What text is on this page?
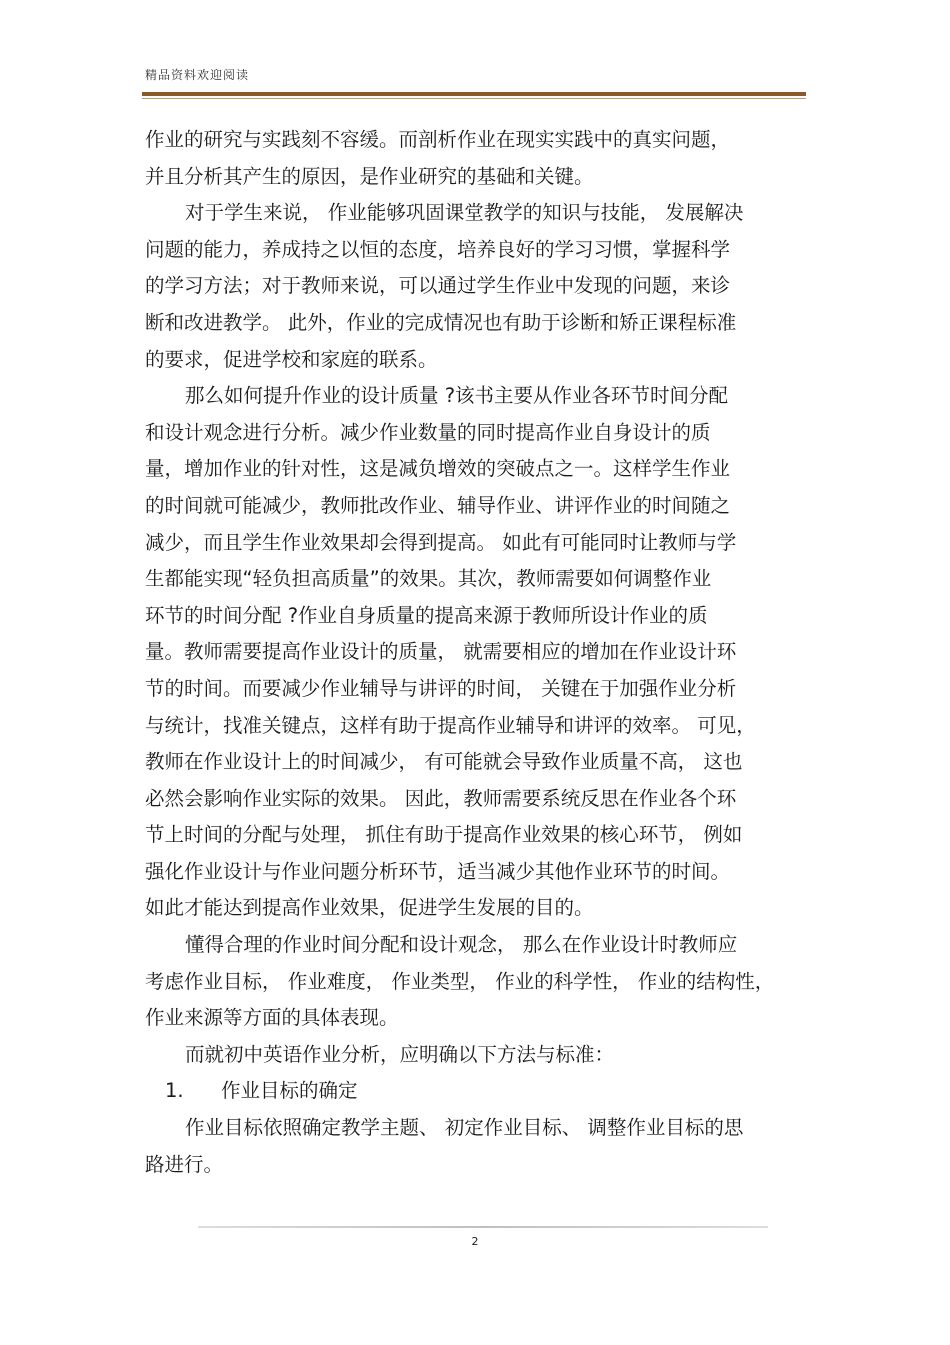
精品资料欢迎阅读
作业的研究与实践刻不容缓。而剖析作业在现实实践中的真实问题，
并且分析其产生的原因，是作业研究的基础和关键。
对于学生来说， 作业能够巩固课堂教学的知识与技能， 发展解决
问题的能力，养成持之以恒的态度，培养良好的学习习惯，掌握科学
的学习方法；对于教师来说，可以通过学生作业中发现的问题，来诊
断和改进教学。 此外，作业的完成情况也有助于诊断和矫正课程标准
的要求，促进学校和家庭的联系。
那么如何提升作业的设计质量 ?该书主要从作业各环节时间分配
和设计观念进行分析。减少作业数量的同时提高作业自身设计的质
量，增加作业的针对性，这是减负增效的突破点之一。这样学生作业
的时间就可能减少，教师批改作业、辅导作业、讲评作业的时间随之
减少，而且学生作业效果却会得到提高。 如此有可能同时让教师与学
生都能实现“轻负担高质量”的效果。其次，教师需要如何调整作业
环节的时间分配 ?作业自身质量的提高来源于教师所设计作业的质
量。教师需要提高作业设计的质量， 就需要相应的增加在作业设计环
节的时间。而要减少作业辅导与讲评的时间， 关键在于加强作业分析
与统计，找准关键点，这样有助于提高作业辅导和讲评的效率。 可见，
教师在作业设计上的时间减少， 有可能就会导致作业质量不高， 这也
必然会影响作业实际的效果。 因此，教师需要系统反思在作业各个环
节上时间的分配与处理， 抓住有助于提高作业效果的核心环节， 例如
强化作业设计与作业问题分析环节，适当减少其他作业环节的时间。
如此才能达到提高作业效果，促进学生发展的目的。
懂得合理的作业时间分配和设计观念， 那么在作业设计时教师应
考虑作业目标， 作业难度， 作业类型， 作业的科学性， 作业的结构性，
作业来源等方面的具体表现。
而就初中英语作业分析，应明确以下方法与标准：
1. 作业目标的确定
作业目标依照确定教学主题、 初定作业目标、 调整作业目标的思
路进行。
2
